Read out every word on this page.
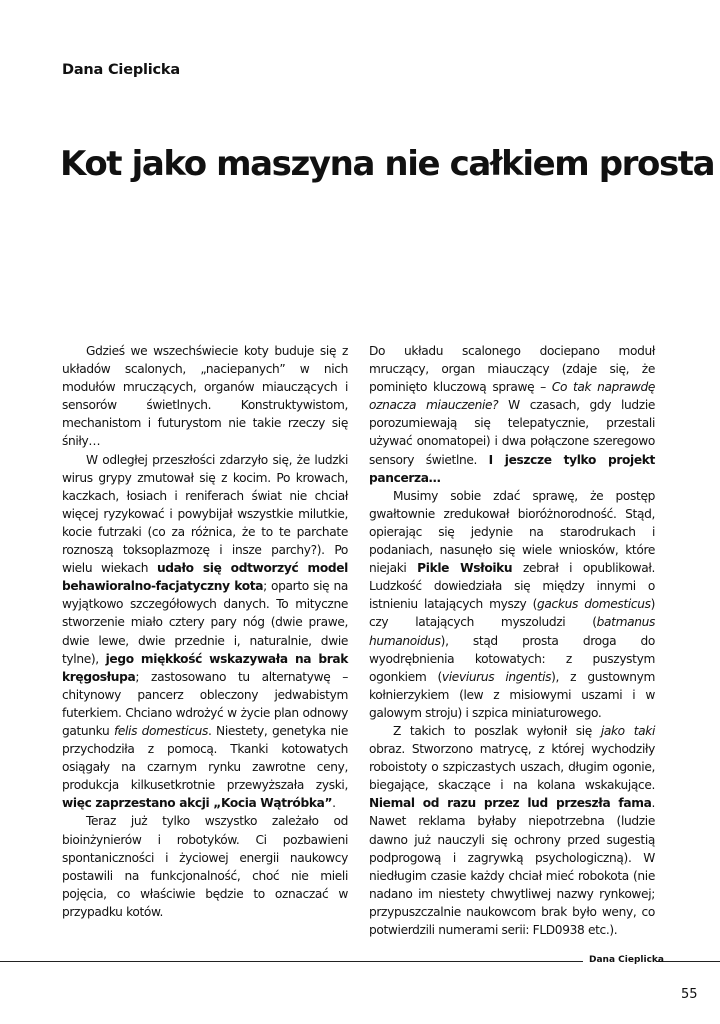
Dana Cieplicka
Kot jako maszyna nie całkiem prosta

Gdzieś we wszechświecie koty buduje się z układów scalonych, „naciepanych” w nich modułów mruczących, organów miauczących i sensorów świetlnych. Konstruktywistom, mechanistom i futurystom nie takie rzeczy się śniły…

W odległej przeszłości zdarzyło się, że ludzki wirus grypy zmutował się z kocim. Po krowach, kaczkach, łosiach i reniferach świat nie chciał więcej ryzykować i powybijał wszystkie milutkie, kocie futrzaki (co za różnica, że to te parchate roznoszą toksoplazmozę i insze parchy?). Po wielu wiekach udało się odtworzyć model behawioralno-facjatyczny kota; oparto się na wyjątkowo szczegółowych danych. To mityczne stworzenie miało cztery pary nóg (dwie prawe, dwie lewe, dwie przednie i, naturalnie, dwie tylne), jego miękkość wskazywała na brak kręgosłupa; zastosowano tu alternatywę – chitynowy pancerz obleczony jedwabistym futerkiem. Chciano wdrożyć w życie plan odnowy gatunku felis domesticus. Niestety, genetyka nie przychodziła z pomocą. Tkanki kotowatych osiągały na czarnym rynku zawrotne ceny, produkcja kilkusetkrotnie przewyższała zyski, więc zaprzestano akcji „Kocia Wątróbka”.

Teraz już tylko wszystko zależało od bioinżynierów i robotyków. Ci pozbawieni spontaniczności i życiowej energii naukowcy postawili na funkcjonalność, choć nie mieli pojęcia, co właściwie będzie to oznaczać w przypadku kotów.

Do układu scalonego dociepano moduł mruczący, organ miauczący (zdaje się, że pominięto kluczową sprawę – Co tak naprawdę oznacza miauczenie? W czasach, gdy ludzie porozumiewają się telepatycznie, przestali używać onomatopei) i dwa połączone szeregowo sensory świetlne. I jeszcze tylko projekt pancerza…

Musimy sobie zdać sprawę, że postęp gwałtownie zredukował bioróżnorodność. Stąd, opierając się jedynie na starodrukach i podaniach, nasunęło się wiele wniosków, które niejaki Pikle Wsłoiku zebrał i opublikował. Ludzkość dowiedziała się między innymi o istnieniu latających myszy (gackus domesticus) czy latających myszoludzi (batmanus humanoidus), stąd prosta droga do wyodrębnienia kotowatych: z puszystym ogonkiem (vieviurus ingentis), z gustownym kołnierzykiem (lew z misiowymi uszami i w galowym stroju) i szpica miniaturowego.

Z takich to poszlak wyłonił się jako taki obraz. Stworzono matrycę, z której wychodziły roboistoty o szpiczastych uszach, długim ogonie, biegające, skaczące i na kolana wskakujące. Niemal od razu przez lud przeszła fama. Nawet reklama byłaby niepotrzebna (ludzie dawno już nauczyli się ochrony przed sugestią podprogową i zagrywką psychologiczną). W niedługim czasie każdy chciał mieć robokota (nie nadano im niestety chwytliwej nazwy rynkowej; przypuszczalnie naukowcom brak było weny, co potwierdzili numerami serii: FLD0938 etc.).

Dana Cieplicka
55
